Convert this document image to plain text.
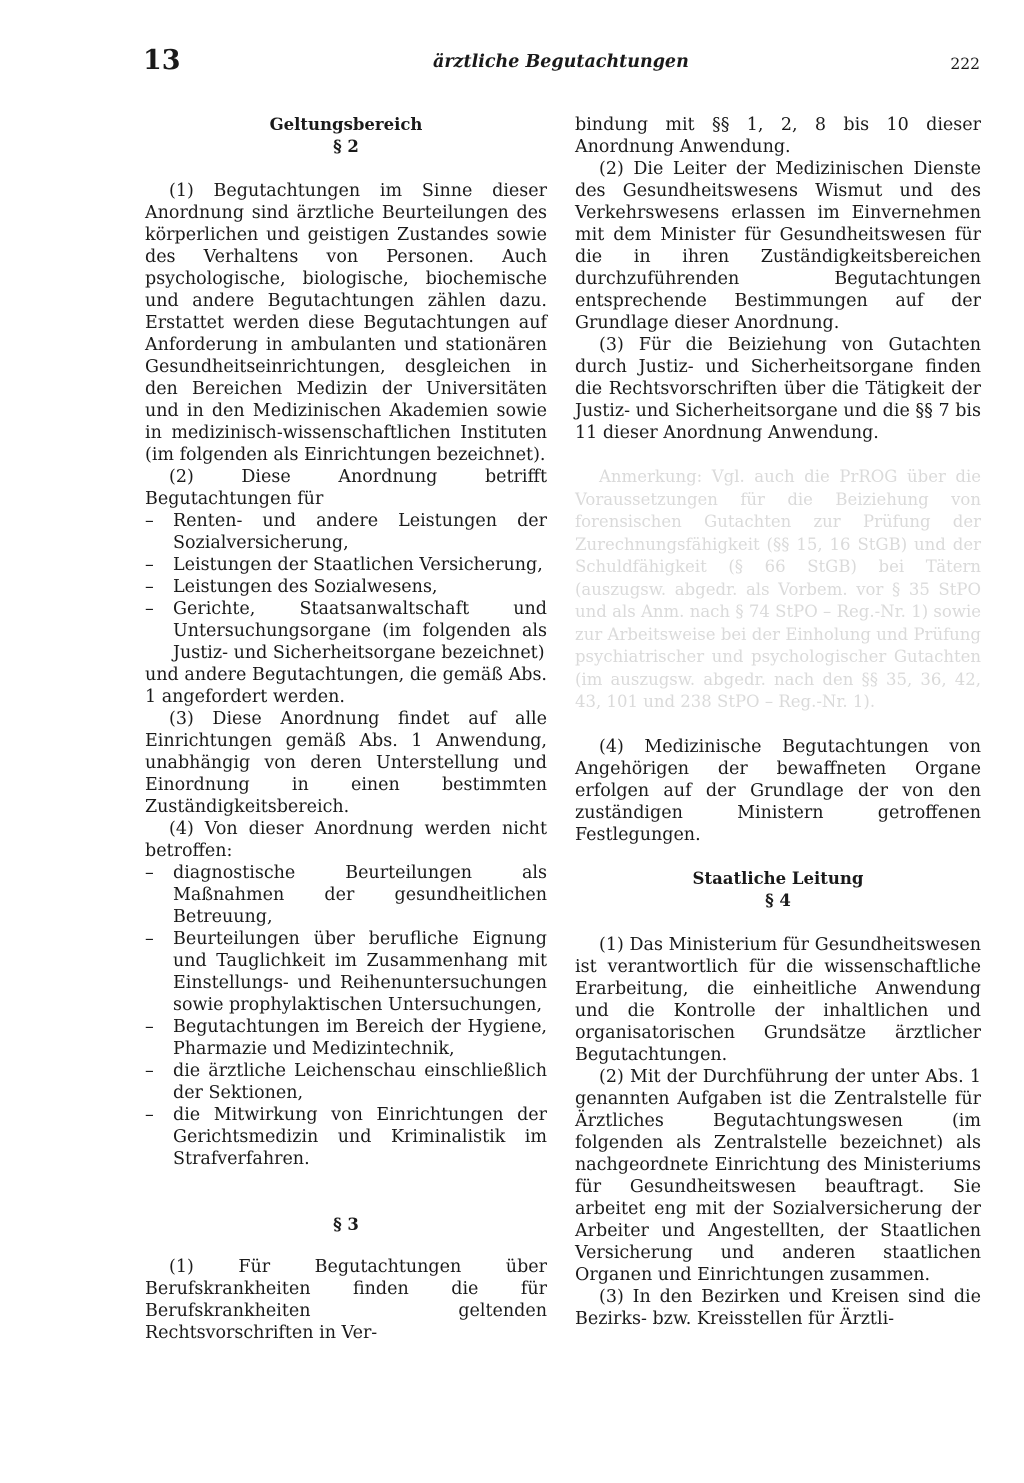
13	ärztliche Begutachtungen	222

Geltungsbereich

§ 2

(1) Begutachtungen im Sinne dieser Anordnung sind ärztliche Beurteilungen des körperlichen und geistigen Zustandes sowie des Verhaltens von Personen. Auch psychologische, biologische, biochemische und andere Begutachtungen zählen dazu. Erstattet werden diese Begutachtungen auf Anforderung in ambulanten und stationären Gesundheitseinrichtungen, desgleichen in den Bereichen Medizin der Universitäten und in den Medizinischen Akademien sowie in medizinisch-wissenschaftlichen Instituten (im folgenden als Einrichtungen bezeichnet).

(2) Diese Anordnung betrifft Begutachtungen für

– Renten- und andere Leistungen der Sozialversicherung,
– Leistungen der Staatlichen Versicherung,
– Leistungen des Sozialwesens,
– Gerichte, Staatsanwaltschaft und Untersuchungsorgane (im folgenden als Justiz- und Sicherheitsorgane bezeichnet)

und andere Begutachtungen, die gemäß Abs. 1 angefordert werden.

(3) Diese Anordnung findet auf alle Einrichtungen gemäß Abs. 1 Anwendung, unabhängig von deren Unterstellung und Einordnung in einen bestimmten Zuständigkeitsbereich.

(4) Von dieser Anordnung werden nicht betroffen:

– diagnostische Beurteilungen als Maßnahmen der gesundheitlichen Betreuung,
– Beurteilungen über berufliche Eignung und Tauglichkeit im Zusammenhang mit Einstellungs- und Reihenuntersuchungen sowie prophylaktischen Untersuchungen,
– Begutachtungen im Bereich der Hygiene, Pharmazie und Medizintechnik,
– die ärztliche Leichenschau einschließlich der Sektionen,
– die Mitwirkung von Einrichtungen der Gerichtsmedizin und Kriminalistik im Strafverfahren.

§ 3

(1) Für Begutachtungen über Berufskrankheiten finden die für Berufskrankheiten geltenden Rechtsvorschriften in Ver-

bindung mit §§ 1, 2, 8 bis 10 dieser Anordnung Anwendung.

(2) Die Leiter der Medizinischen Dienste des Gesundheitswesens Wismut und des Verkehrswesens erlassen im Einvernehmen mit dem Minister für Gesundheitswesen für die in ihren Zuständigkeitsbereichen durchzuführenden Begutachtungen entsprechende Bestimmungen auf der Grundlage dieser Anordnung.

(3) Für die Beiziehung von Gutachten durch Justiz- und Sicherheitsorgane finden die Rechtsvorschriften über die Tätigkeit der Justiz- und Sicherheitsorgane und die §§ 7 bis 11 dieser Anordnung Anwendung.

Anmerkung: Vgl. auch die PrROG über die Voraussetzungen für die Beiziehung von forensischen Gutachten zur Prüfung der Zurechnungsfähigkeit (§§ 15, 16 StGB) und der Schuldfähigkeit (§ 66 StGB) bei Tätern (auszugsw. abgedr. als Vorbem. vor § 35 StPO und als Anm. nach § 74 StPO – Reg.-Nr. 1) sowie zur Arbeitsweise bei der Einholung und Prüfung psychiatrischer und psychologischer Gutachten (im auszugsw. abgedr. nach den §§ 35, 36, 42, 43, 101 und 238 StPO – Reg.-Nr. 1).

(4) Medizinische Begutachtungen von Angehörigen der bewaffneten Organe erfolgen auf der Grundlage der von den zuständigen Ministern getroffenen Festlegungen.

Staatliche Leitung

§ 4

(1) Das Ministerium für Gesundheitswesen ist verantwortlich für die wissenschaftliche Erarbeitung, die einheitliche Anwendung und die Kontrolle der inhaltlichen und organisatorischen Grundsätze ärztlicher Begutachtungen.

(2) Mit der Durchführung der unter Abs. 1 genannten Aufgaben ist die Zentralstelle für Ärztliches Begutachtungswesen (im folgenden als Zentralstelle bezeichnet) als nachgeordnete Einrichtung des Ministeriums für Gesundheitswesen beauftragt. Sie arbeitet eng mit der Sozialversicherung der Arbeiter und Angestellten, der Staatlichen Versicherung und anderen staatlichen Organen und Einrichtungen zusammen.

(3) In den Bezirken und Kreisen sind die Bezirks- bzw. Kreisstellen für Ärztli-
